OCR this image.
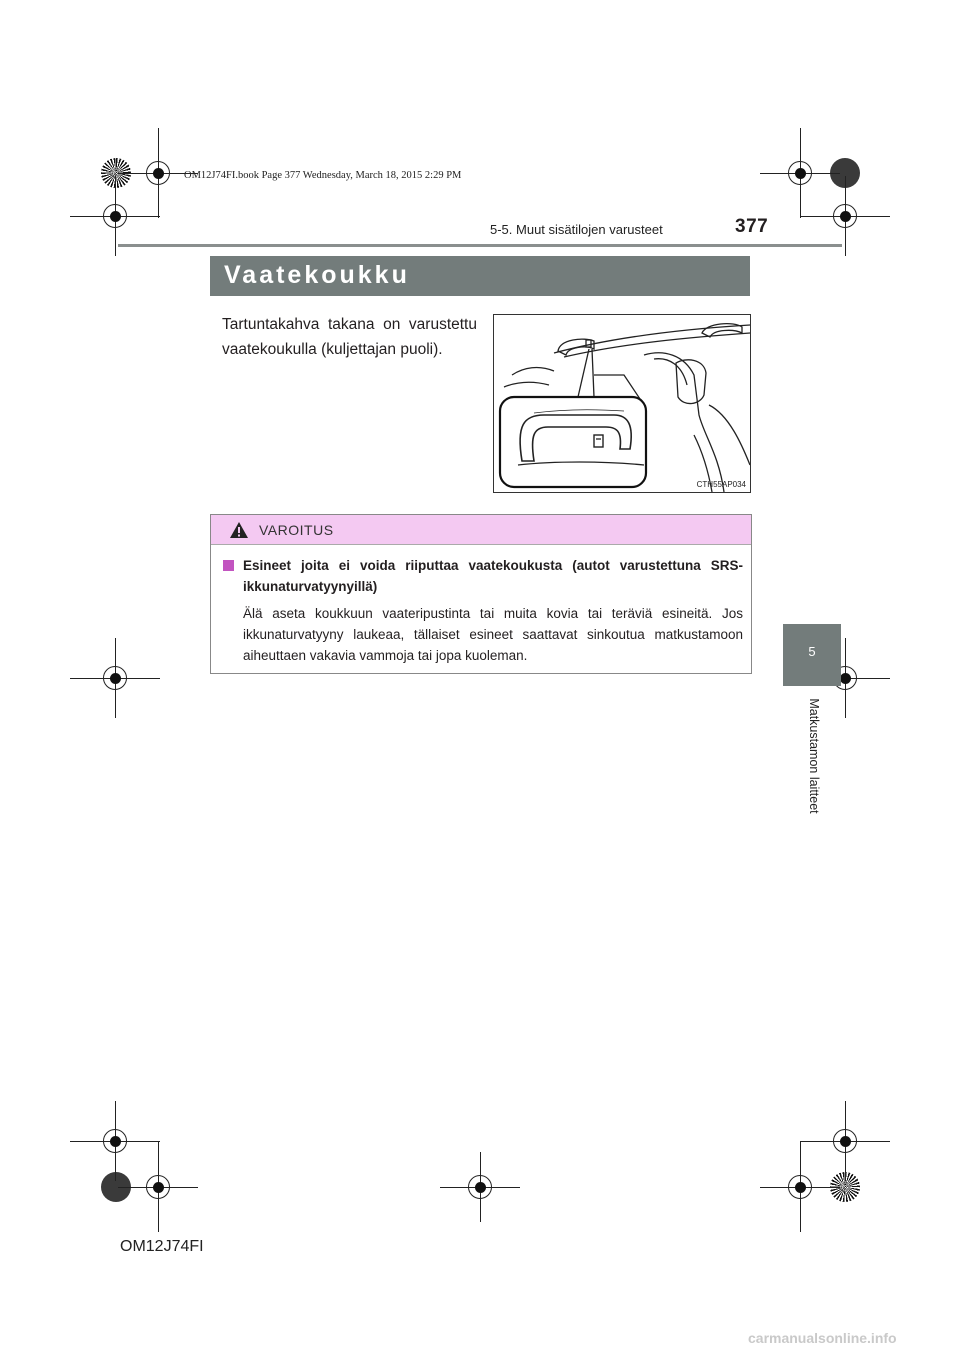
OM12J74FI.book Page 377 Wednesday, March 18, 2015 2:29 PM
5-5. Muut sisätilojen varusteet	377
Vaatekoukku
Tartuntakahva takana on varustettu vaatekoukulla (kuljettajan puoli).
CTH55AP034
5
Matkustamon laitteet
VAROITUS
Esineet joita ei voida riiputtaa vaatekoukusta (autot varustettuna SRS-ikkunaturvatyynyillä)
Älä aseta koukkuun vaateripustinta tai muita kovia tai teräviä esineitä. Jos ikkunaturvatyyny laukeaa, tällaiset esineet saattavat sinkoutua matkustamoon aiheuttaen vakavia vammoja tai jopa kuoleman.
OM12J74FI
carmanualsonline.info
